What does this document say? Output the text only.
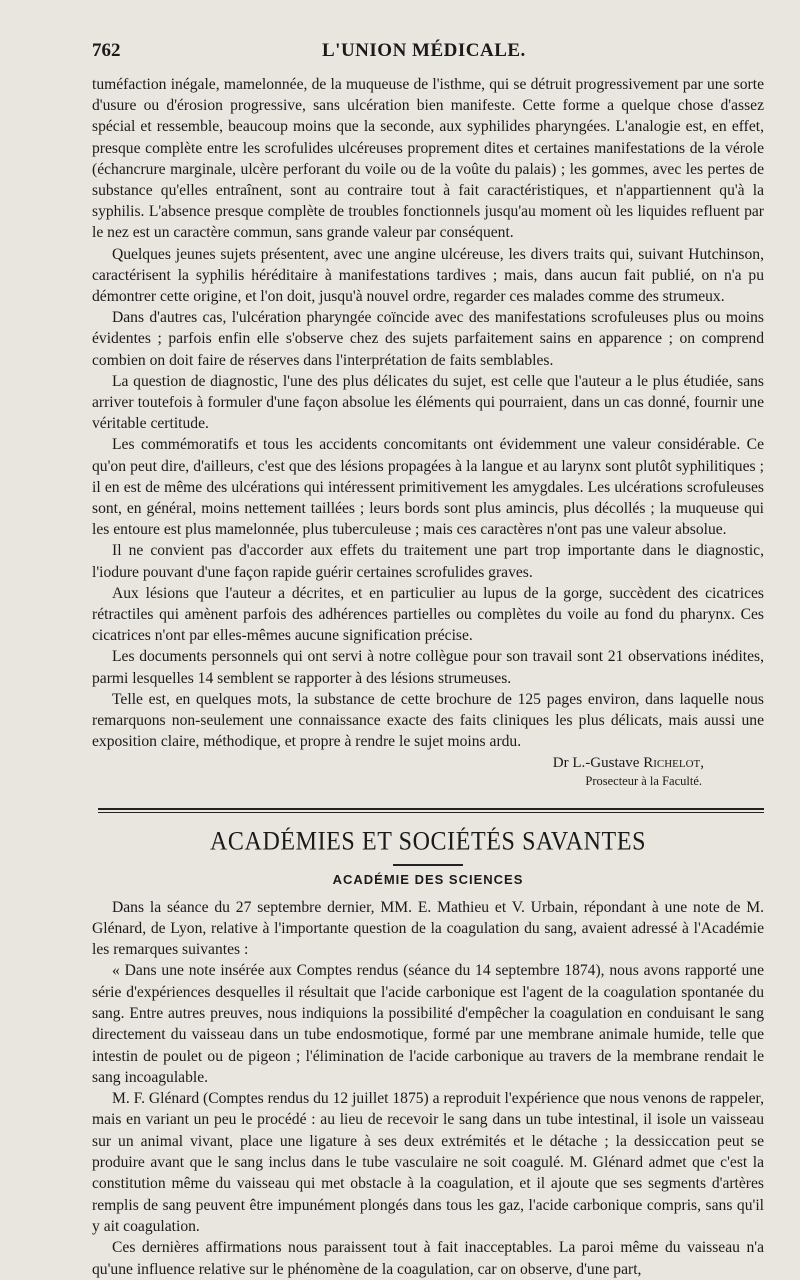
762	L'UNION MÉDICALE.

tuméfaction inégale, mamelonnée, de la muqueuse de l'isthme, qui se détruit progressivement par une sorte d'usure ou d'érosion progressive, sans ulcération bien manifeste. Cette forme a quelque chose d'assez spécial et ressemble, beaucoup moins que la seconde, aux syphilides pharyngées. L'analogie est, en effet, presque complète entre les scrofulides ulcéreuses proprement dites et certaines manifestations de la vérole (échancrure marginale, ulcère perforant du voile ou de la voûte du palais) ; les gommes, avec les pertes de substance qu'elles entraînent, sont au contraire tout à fait caractéristiques, et n'appartiennent qu'à la syphilis. L'absence presque complète de troubles fonctionnels jusqu'au moment où les liquides refluent par le nez est un caractère commun, sans grande valeur par conséquent.

Quelques jeunes sujets présentent, avec une angine ulcéreuse, les divers traits qui, suivant Hutchinson, caractérisent la syphilis héréditaire à manifestations tardives ; mais, dans aucun fait publié, on n'a pu démontrer cette origine, et l'on doit, jusqu'à nouvel ordre, regarder ces malades comme des strumeux.

Dans d'autres cas, l'ulcération pharyngée coïncide avec des manifestations scrofuleuses plus ou moins évidentes ; parfois enfin elle s'observe chez des sujets parfaitement sains en apparence ; on comprend combien on doit faire de réserves dans l'interprétation de faits semblables.

La question de diagnostic, l'une des plus délicates du sujet, est celle que l'auteur a le plus étudiée, sans arriver toutefois à formuler d'une façon absolue les éléments qui pourraient, dans un cas donné, fournir une véritable certitude.

Les commémoratifs et tous les accidents concomitants ont évidemment une valeur considérable. Ce qu'on peut dire, d'ailleurs, c'est que des lésions propagées à la langue et au larynx sont plutôt syphilitiques ; il en est de même des ulcérations qui intéressent primitivement les amygdales. Les ulcérations scrofuleuses sont, en général, moins nettement taillées ; leurs bords sont plus amincis, plus décollés ; la muqueuse qui les entoure est plus mamelonnée, plus tuberculeuse ; mais ces caractères n'ont pas une valeur absolue.

Il ne convient pas d'accorder aux effets du traitement une part trop importante dans le diagnostic, l'iodure pouvant d'une façon rapide guérir certaines scrofulides graves.

Aux lésions que l'auteur a décrites, et en particulier au lupus de la gorge, succèdent des cicatrices rétractiles qui amènent parfois des adhérences partielles ou complètes du voile au fond du pharynx. Ces cicatrices n'ont par elles-mêmes aucune signification précise.

Les documents personnels qui ont servi à notre collègue pour son travail sont 21 observations inédites, parmi lesquelles 14 semblent se rapporter à des lésions strumeuses.

Telle est, en quelques mots, la substance de cette brochure de 125 pages environ, dans laquelle nous remarquons non-seulement une connaissance exacte des faits cliniques les plus délicats, mais aussi une exposition claire, méthodique, et propre à rendre le sujet moins ardu.

Dr L.-Gustave Richelot,
Prosecteur à la Faculté.
ACADÉMIES ET SOCIÉTÉS SAVANTES
ACADÉMIE DES SCIENCES

Dans la séance du 27 septembre dernier, MM. E. Mathieu et V. Urbain, répondant à une note de M. Glénard, de Lyon, relative à l'importante question de la coagulation du sang, avaient adressé à l'Académie les remarques suivantes :

« Dans une note insérée aux Comptes rendus (séance du 14 septembre 1874), nous avons rapporté une série d'expériences desquelles il résultait que l'acide carbonique est l'agent de la coagulation spontanée du sang. Entre autres preuves, nous indiquions la possibilité d'empêcher la coagulation en conduisant le sang directement du vaisseau dans un tube endosmotique, formé par une membrane animale humide, telle que intestin de poulet ou de pigeon ; l'élimination de l'acide carbonique au travers de la membrane rendait le sang incoagulable.

M. F. Glénard (Comptes rendus du 12 juillet 1875) a reproduit l'expérience que nous venons de rappeler, mais en variant un peu le procédé : au lieu de recevoir le sang dans un tube intestinal, il isole un vaisseau sur un animal vivant, place une ligature à ses deux extrémités et le détache ; la dessiccation peut se produire avant que le sang inclus dans le tube vasculaire ne soit coagulé. M. Glénard admet que c'est la constitution même du vaisseau qui met obstacle à la coagulation, et il ajoute que ses segments d'artères remplis de sang peuvent être impunément plongés dans tous les gaz, l'acide carbonique compris, sans qu'il y ait coagulation.

Ces dernières affirmations nous paraissent tout à fait inacceptables. La paroi même du vaisseau n'a qu'une influence relative sur le phénomène de la coagulation, car on observe, d'une part,
